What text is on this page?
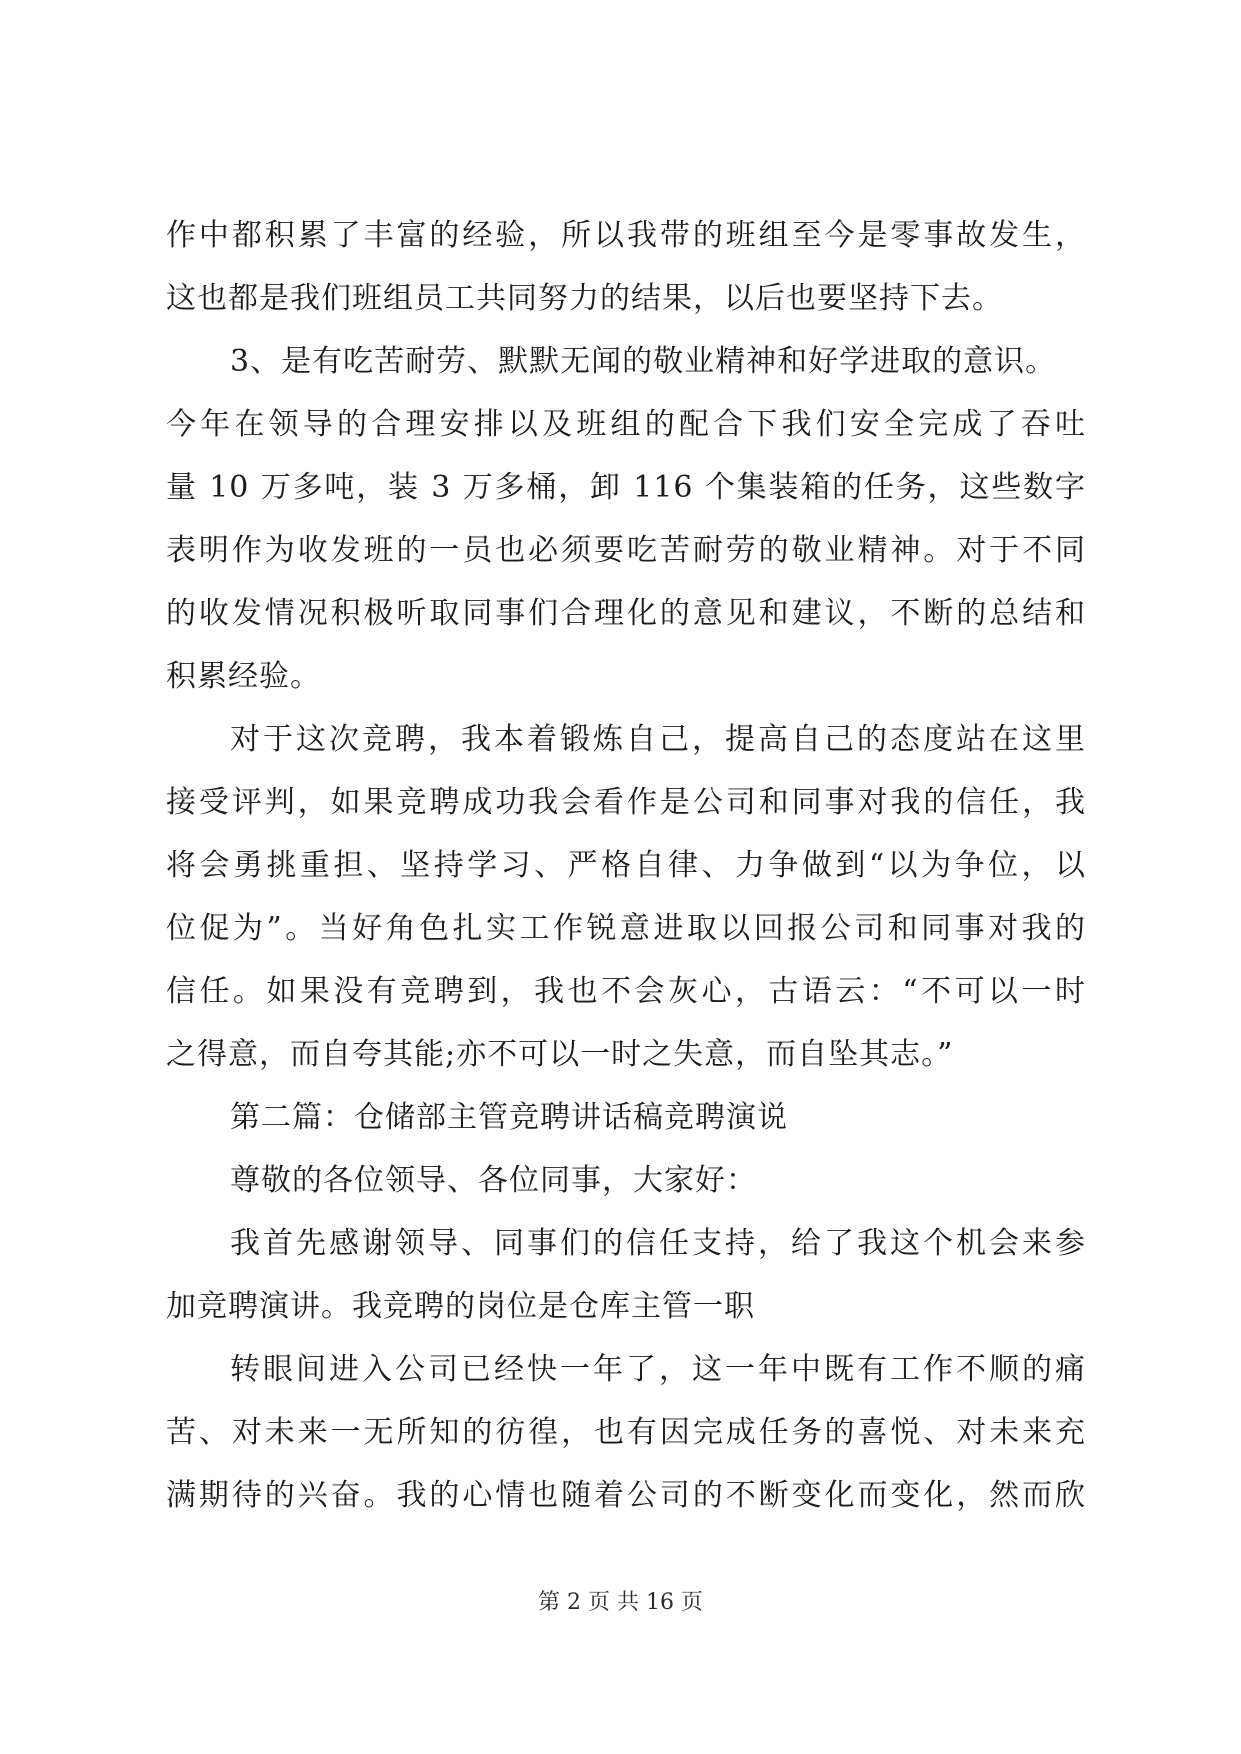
作中都积累了丰富的经验，所以我带的班组至今是零事故发生，
这也都是我们班组员工共同努力的结果，以后也要坚持下去。
3、是有吃苦耐劳、默默无闻的敬业精神和好学进取的意识。
今年在领导的合理安排以及班组的配合下我们安全完成了吞吐
量 10 万多吨，装 3 万多桶，卸 116 个集装箱的任务，这些数字
表明作为收发班的一员也必须要吃苦耐劳的敬业精神。对于不同
的收发情况积极听取同事们合理化的意见和建议，不断的总结和
积累经验。
对于这次竞聘，我本着锻炼自己，提高自己的态度站在这里
接受评判，如果竞聘成功我会看作是公司和同事对我的信任，我
将会勇挑重担、坚持学习、严格自律、力争做到“以为争位，以
位促为”。当好角色扎实工作锐意进取以回报公司和同事对我的
信任。如果没有竞聘到，我也不会灰心，古语云：“不可以一时
之得意，而自夸其能;亦不可以一时之失意，而自坠其志。”
第二篇：仓储部主管竞聘讲话稿竞聘演说
尊敬的各位领导、各位同事，大家好：
我首先感谢领导、同事们的信任支持，给了我这个机会来参
加竞聘演讲。我竞聘的岗位是仓库主管一职
转眼间进入公司已经快一年了，这一年中既有工作不顺的痛
苦、对未来一无所知的彷徨，也有因完成任务的喜悦、对未来充
满期待的兴奋。我的心情也随着公司的不断变化而变化，然而欣
第 2 页 共 16 页
